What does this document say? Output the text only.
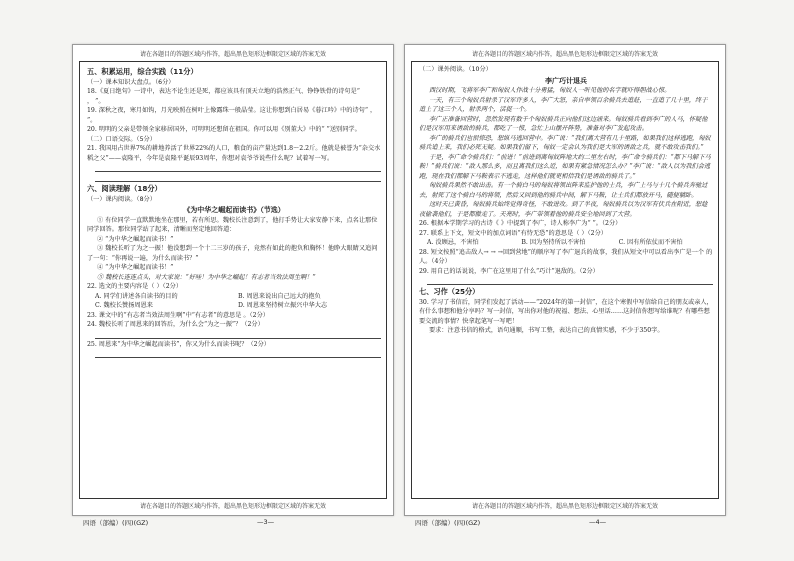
请在各题目的答题区域内作答，超出黑色矩形边框限定区域的答案无效
五、积累运用，综合实践（11分）
（一）课本知识大盘点。（6分）

18.《夏日绝句》一诗中，表达不论生还是死，都应该具有顶天立地的浩然正气、铮铮铁骨的诗句是“

， ”。

19. 深秋之夜，寒月如钩，月光映照在树叶上像露珠一般晶莹。这让你想到白居易《暮江吟》中的诗句“ ， ”。

20. 明明的父亲是带领全家移居国外，可明明还想留在祖国。你可以用《别董大》中的“ ”送别同学。

（二）口语交际。（5分）

21. 我国用占世界7%的耕地养活了世界22%的人口，粮食的亩产量达到1.8～2.2斤。他就是被誉为“杂交水稻之父”——袁隆平，今年是袁隆平诞辰93周年，你想对袁爷爷说些什么呢？试着写一写。

六、阅读理解（18分）
（一）课内阅读。（8分）
《为中华之崛起而读书》（节选）

① 有位同学一直默默地坐在那里，若有所思。魏校长注意到了，他打手势让大家安静下来，点名让那位同学回答。那位同学站了起来，清晰而坚定地回答道：

② “为中华之崛起而读书！”

③ 魏校长听了为之一振！他没想到一个十二三岁的孩子，竟然有如此的抱负和胸怀！他睁大眼睛又追问了一句：“你再说一遍，为什么而读书？”

④ “为中华之崛起而读书！”

⑤ 魏校长连连点头，对大家说：“好哇！为中华之崛起！有志者当效法周生啊！”

22. 选文的主要内容是（ ）（2分）

A. 同学们讲述各自读书的目的	B. 周恩来说出自己远大的抱负
C. 魏校长赞扬周恩来	D. 周恩来坚持树立振兴中华大志

23. 课文中的“有志者当效法周生啊”中“有志者”的意思是 。（2分）

24. 魏校长听了周恩来的回答后，为什么会“为之一振”？（2分）

25. 周恩来“为中华之崛起而读书”，你又为什么而读书呢？（2分）

请在各题目的答题区域内作答，超出黑色矩形边框限定区域的答案无效
四语（部编）(四)(GZ)	—3—
请在各题目的答题区域内作答，超出黑色矩形边框限定区域的答案无效
（二）课外阅读。（10分）
李广巧计退兵

西汉时期，飞将军李广和匈奴人作战十分勇猛，匈奴人一听见他的名字就吓得胆战心惊。

一天，有三个匈奴兵射杀了汉军许多人，李广大怒，亲自率领百余骑兵去追赶，一直追了几十里，终于追上了这三个人，射杀两个，活捉一个。

李广正准备回营时，忽然发现有数千个匈奴骑兵正向他们这边涌来。匈奴骑兵看到李广的人马，怀疑他们是汉军用来诱敌的骑兵，都吃了一惊，急忙上山摆开阵势，准备对李广发起攻击。

李广的骑兵们也很惊恐，想纵马逃回营中。李广说：“我们离大营有几十里路，如果我们这样逃跑，匈奴骑兵追上来，我们必死无疑。如果我们留下，匈奴一定会认为我们是大军的诱敌之兵，就不敢攻击我们。”

于是，李广命令骑兵们：“前进！”前进到离匈奴阵地大约二里左右时，李广命令骑兵们：“都下马解下马鞍！”骑兵们说：“敌人那么多，而且离我们这么近，如果有紧急情况怎么办？”李广说：“敌人以为我们会逃跑，现在我们都解下马鞍表示不逃走，这样他们就更相信我们是诱敌的骑兵了。”

匈奴骑兵果然不敢出击。有一个骑白马的匈奴将领出阵来监护他的士兵，李广上马与十几个骑兵奔驰过去，射死了这个骑白马的将领，然后又回到他的骑兵中间，解下马鞍，让士兵们都放开马，随便躺卧。

这时天已黄昏，匈奴骑兵始终觉得奇怪，不敢进攻。到了半夜，匈奴骑兵以为汉军有伏兵在附近，想趁夜偷袭他们，于是都撤走了。天亮时，李广带领着他的骑兵安全地回到了大营。

26. 根据本学期学习的古诗《 》中提到了李广，诗人称李广为“ ”。（2分）

27. 联系上下文，短文中的加点词语“有恃无恐”的意思是（ ）（2分）

A. 没顾忌，不害怕	B. 因为坚持所以不害怕	C. 因有所依仗而不害怕

28. 短文按照“追击敌人→ → →回到营地”的顺序写了李广退兵的故事，我们从短文中可以看出李广是一个 的人。（4分）

29. 用自己的话说说，李广在这里用了什么“巧计”退敌的。（2分）

七、习作（25分）

30. 学习了书信后，同学们发起了活动——“2024年的第一封信”，在这个寒假中写信给自己的朋友或亲人，有什么事想和他分享吗？写一封信，写出你对他的祝福、想法、心里话……这封信你想写给谁呢？有哪些想要交流的事情？快拿起笔写一写吧！

要求：注意书信的格式，语句通顺，书写工整，表达自己的真情实感，不少于350字。

请在各题目的答题区域内作答，超出黑色矩形边框限定区域的答案无效
四语（部编）(四)(GZ)	—4—
